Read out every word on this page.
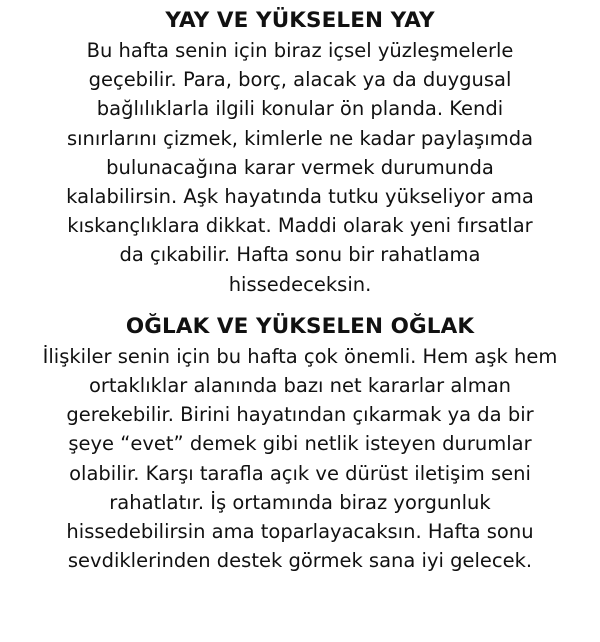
YAY VE YÜKSELEN YAY

Bu hafta senin için biraz içsel yüzleşmelerle
geçebilir. Para, borç, alacak ya da duygusal
bağlılıklarla ilgili konular ön planda. Kendi
sınırlarını çizmek, kimlerle ne kadar paylaşımda
bulunacağına karar vermek durumunda
kalabilirsin. Aşk hayatında tutku yükseliyor ama
kıskançlıklara dikkat. Maddi olarak yeni fırsatlar
da çıkabilir. Hafta sonu bir rahatlama
hissedeceksin.

OĞLAK VE YÜKSELEN OĞLAK

İlişkiler senin için bu hafta çok önemli. Hem aşk hem
ortaklıklar alanında bazı net kararlar alman
gerekebilir. Birini hayatından çıkarmak ya da bir
şeye “evet” demek gibi netlik isteyen durumlar
olabilir. Karşı tarafla açık ve dürüst iletişim seni
rahatlatır. İş ortamında biraz yorgunluk
hissedebilirsin ama toparlayacaksın. Hafta sonu
sevdiklerinden destek görmek sana iyi gelecek.
